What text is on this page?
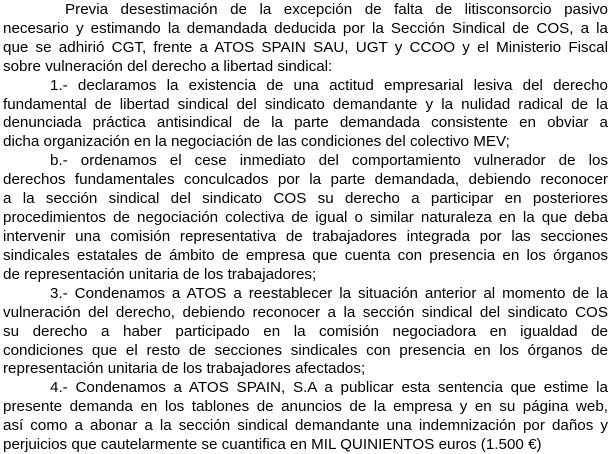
Previa desestimación de la excepción de falta de litisconsorcio pasivo
necesario y estimando la demandada deducida por la Sección Sindical de COS, a la
que se adhirió CGT, frente a ATOS SPAIN SAU, UGT y CCOO y el Ministerio Fiscal
sobre vulneración del derecho a libertad sindical:
1.- declaramos la existencia de una actitud empresarial lesiva del derecho
fundamental de libertad sindical del sindicato demandante y la nulidad radical de la
denunciada práctica antisindical de la parte demandada consistente en obviar a
dicha organización en la negociación de las condiciones del colectivo MEV;
b.- ordenamos el cese inmediato del comportamiento vulnerador de los
derechos fundamentales conculcados por la parte demandada, debiendo reconocer
a la sección sindical del sindicato COS su derecho a participar en posteriores
procedimientos de negociación colectiva de igual o similar naturaleza en la que deba
intervenir una comisión representativa de trabajadores integrada por las secciones
sindicales estatales de ámbito de empresa que cuenta con presencia en los órganos
de representación unitaria de los trabajadores;
3.- Condenamos a ATOS a reestablecer la situación anterior al momento de la
vulneración del derecho, debiendo reconocer a la sección sindical del sindicato COS
su derecho a haber participado en la comisión negociadora en igualdad de
condiciones que el resto de secciones sindicales con presencia en los órganos de
representación unitaria de los trabajadores afectados;
4.- Condenamos a ATOS SPAIN, S.A a publicar esta sentencia que estime la
presente demanda en los tablones de anuncios de la empresa y en su página web,
así como a abonar a la sección sindical demandante una indemnización por daños y
perjuicios que cautelarmente se cuantifica en MIL QUINIENTOS euros (1.500 €)
